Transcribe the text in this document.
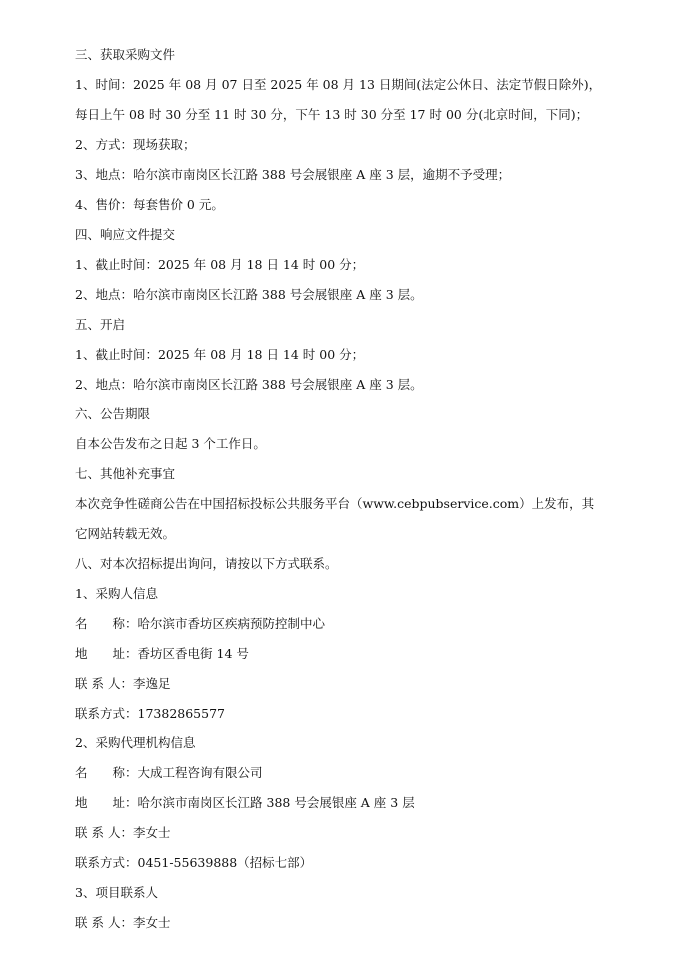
三、获取采购文件
1、时间：2025 年 08 月 07 日至 2025 年 08 月 13 日期间(法定公休日、法定节假日除外)，
每日上午 08 时 30 分至 11 时 30 分，下午 13 时 30 分至 17 时 00 分(北京时间，下同)；
2、方式：现场获取；
3、地点：哈尔滨市南岗区长江路 388 号会展银座 A 座 3 层，逾期不予受理；
4、售价：每套售价 0 元。
四、响应文件提交
1、截止时间：2025 年 08 月 18 日 14 时 00 分；
2、地点：哈尔滨市南岗区长江路 388 号会展银座 A 座 3 层。
五、开启
1、截止时间：2025 年 08 月 18 日 14 时 00 分；
2、地点：哈尔滨市南岗区长江路 388 号会展银座 A 座 3 层。
六、公告期限
自本公告发布之日起 3 个工作日。
七、其他补充事宜
本次竞争性磋商公告在中国招标投标公共服务平台（www.cebpubservice.com）上发布，其
它网站转载无效。
八、对本次招标提出询问，请按以下方式联系。
1、采购人信息
名　　称： 哈尔滨市香坊区疾病预防控制中心
地　　址： 香坊区香电街 14 号
联 系 人： 李逸足
联系方式： 17382865577
2、采购代理机构信息
名　　称： 大成工程咨询有限公司
地　　址： 哈尔滨市南岗区长江路 388 号会展银座 A 座 3 层
联 系 人： 李女士
联系方式： 0451-55639888（招标七部）
3、项目联系人
联 系 人： 李女士
